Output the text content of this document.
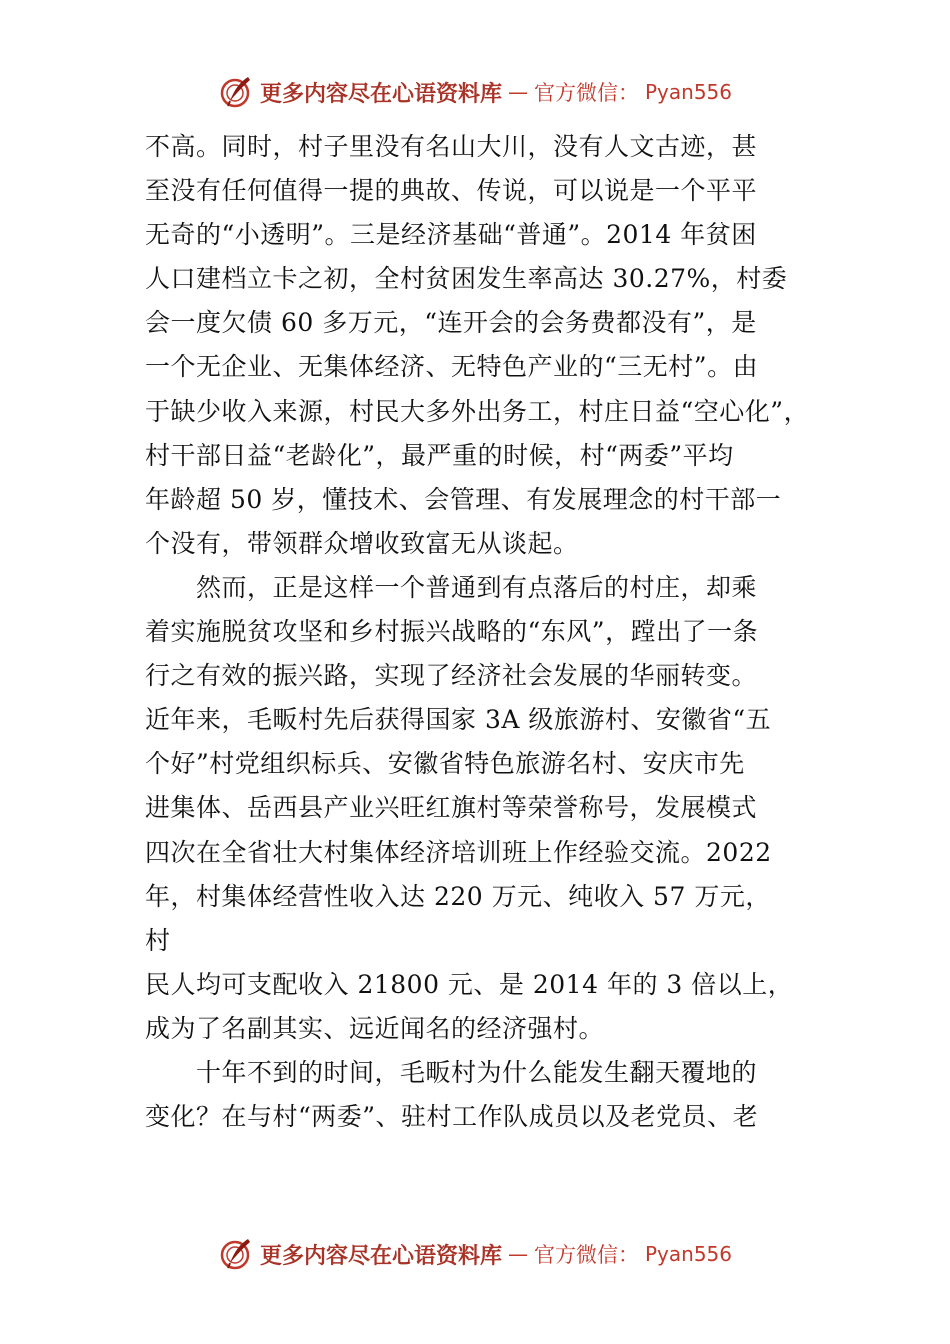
更多内容尽在心语资料库 — 官方微信： Pyan556
不高。同时，村子里没有名山大川，没有人文古迹，甚
至没有任何值得一提的典故、传说，可以说是一个平平
无奇的“小透明”。三是经济基础“普通”。2014 年贫困
人口建档立卡之初，全村贫困发生率高达 30.27%，村委
会一度欠债 60 多万元，“连开会的会务费都没有”，是
一个无企业、无集体经济、无特色产业的“三无村”。由
于缺少收入来源，村民大多外出务工，村庄日益“空心化”，
村干部日益“老龄化”，最严重的时候，村“两委”平均
年龄超 50 岁，懂技术、会管理、有发展理念的村干部一
个没有，带领群众增收致富无从谈起。
　　然而，正是这样一个普通到有点落后的村庄，却乘
着实施脱贫攻坚和乡村振兴战略的“东风”，蹚出了一条
行之有效的振兴路，实现了经济社会发展的华丽转变。
近年来，毛畈村先后获得国家 3A 级旅游村、安徽省“五
个好”村党组织标兵、安徽省特色旅游名村、安庆市先
进集体、岳西县产业兴旺红旗村等荣誉称号，发展模式
四次在全省壮大村集体经济培训班上作经验交流。2022
年，村集体经营性收入达 220 万元、纯收入 57 万元，
村
民人均可支配收入 21800 元、是 2014 年的 3 倍以上，
成为了名副其实、远近闻名的经济强村。
　　十年不到的时间，毛畈村为什么能发生翻天覆地的
变化？在与村“两委”、驻村工作队成员以及老党员、老
更多内容尽在心语资料库 — 官方微信： Pyan556
